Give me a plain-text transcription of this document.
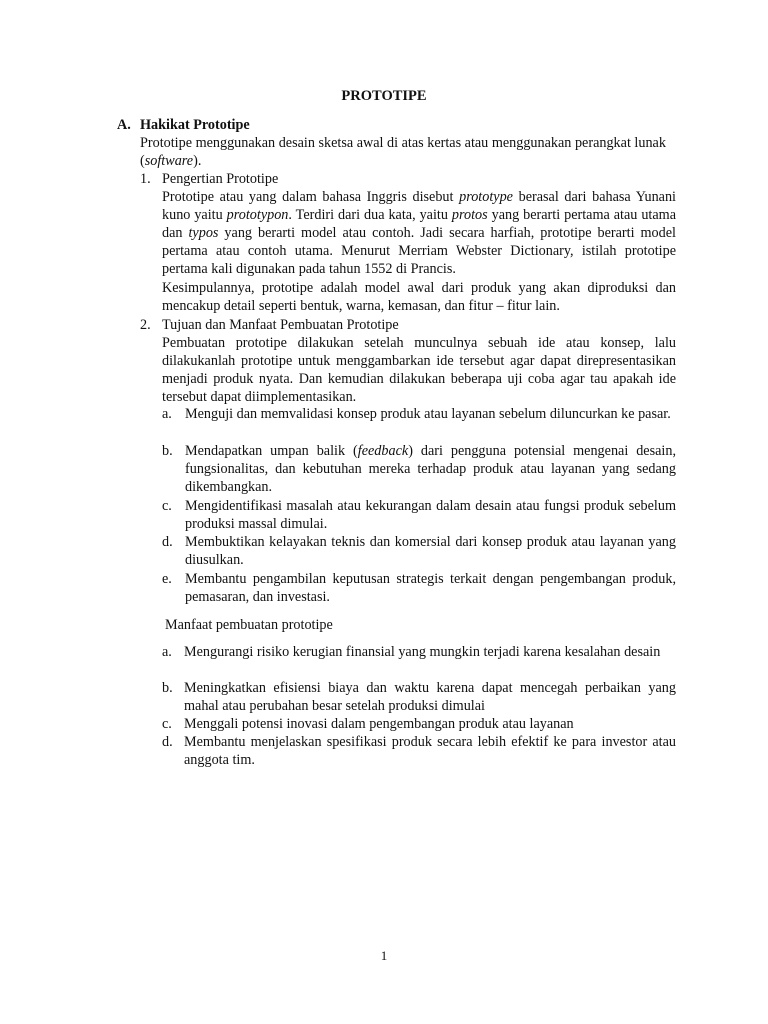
PROTOTIPE
A. Hakikat Prototipe
Prototipe menggunakan desain sketsa awal di atas kertas atau menggunakan perangkat lunak (software).
1. Pengertian Prototipe

Prototipe atau yang dalam bahasa Inggris disebut prototype berasal dari bahasa Yunani kuno yaitu prototypon. Terdiri dari dua kata, yaitu protos yang berarti pertama atau utama dan typos yang berarti model atau contoh. Jadi secara harfiah, prototipe berarti model pertama atau contoh utama. Menurut Merriam Webster Dictionary, istilah prototipe pertama kali digunakan pada tahun 1552 di Prancis.

Kesimpulannya, prototipe adalah model awal dari produk yang akan diproduksi dan mencakup detail seperti bentuk, warna, kemasan, dan fitur – fitur lain.
2. Tujuan dan Manfaat Pembuatan Prototipe
Pembuatan prototipe dilakukan setelah munculnya sebuah ide atau konsep, lalu dilakukanlah prototipe untuk menggambarkan ide tersebut agar dapat direpresentasikan menjadi produk nyata. Dan kemudian dilakukan beberapa uji coba agar tau apakah ide tersebut dapat diimplementasikan.
a. Menguji dan memvalidasi konsep produk atau layanan sebelum diluncurkan ke pasar.
b. Mendapatkan umpan balik (feedback) dari pengguna potensial mengenai desain, fungsionalitas, dan kebutuhan mereka terhadap produk atau layanan yang sedang dikembangkan.
c. Mengidentifikasi masalah atau kekurangan dalam desain atau fungsi produk sebelum produksi massal dimulai.
d. Membuktikan kelayakan teknis dan komersial dari konsep produk atau layanan yang diusulkan.
e. Membantu pengambilan keputusan strategis terkait dengan pengembangan produk, pemasaran, dan investasi.
Manfaat pembuatan prototipe
a. Mengurangi risiko kerugian finansial yang mungkin terjadi karena kesalahan desain
b. Meningkatkan efisiensi biaya dan waktu karena dapat mencegah perbaikan yang mahal atau perubahan besar setelah produksi dimulai
c. Menggali potensi inovasi dalam pengembangan produk atau layanan
d. Membantu menjelaskan spesifikasi produk secara lebih efektif ke para investor atau anggota tim.
1
